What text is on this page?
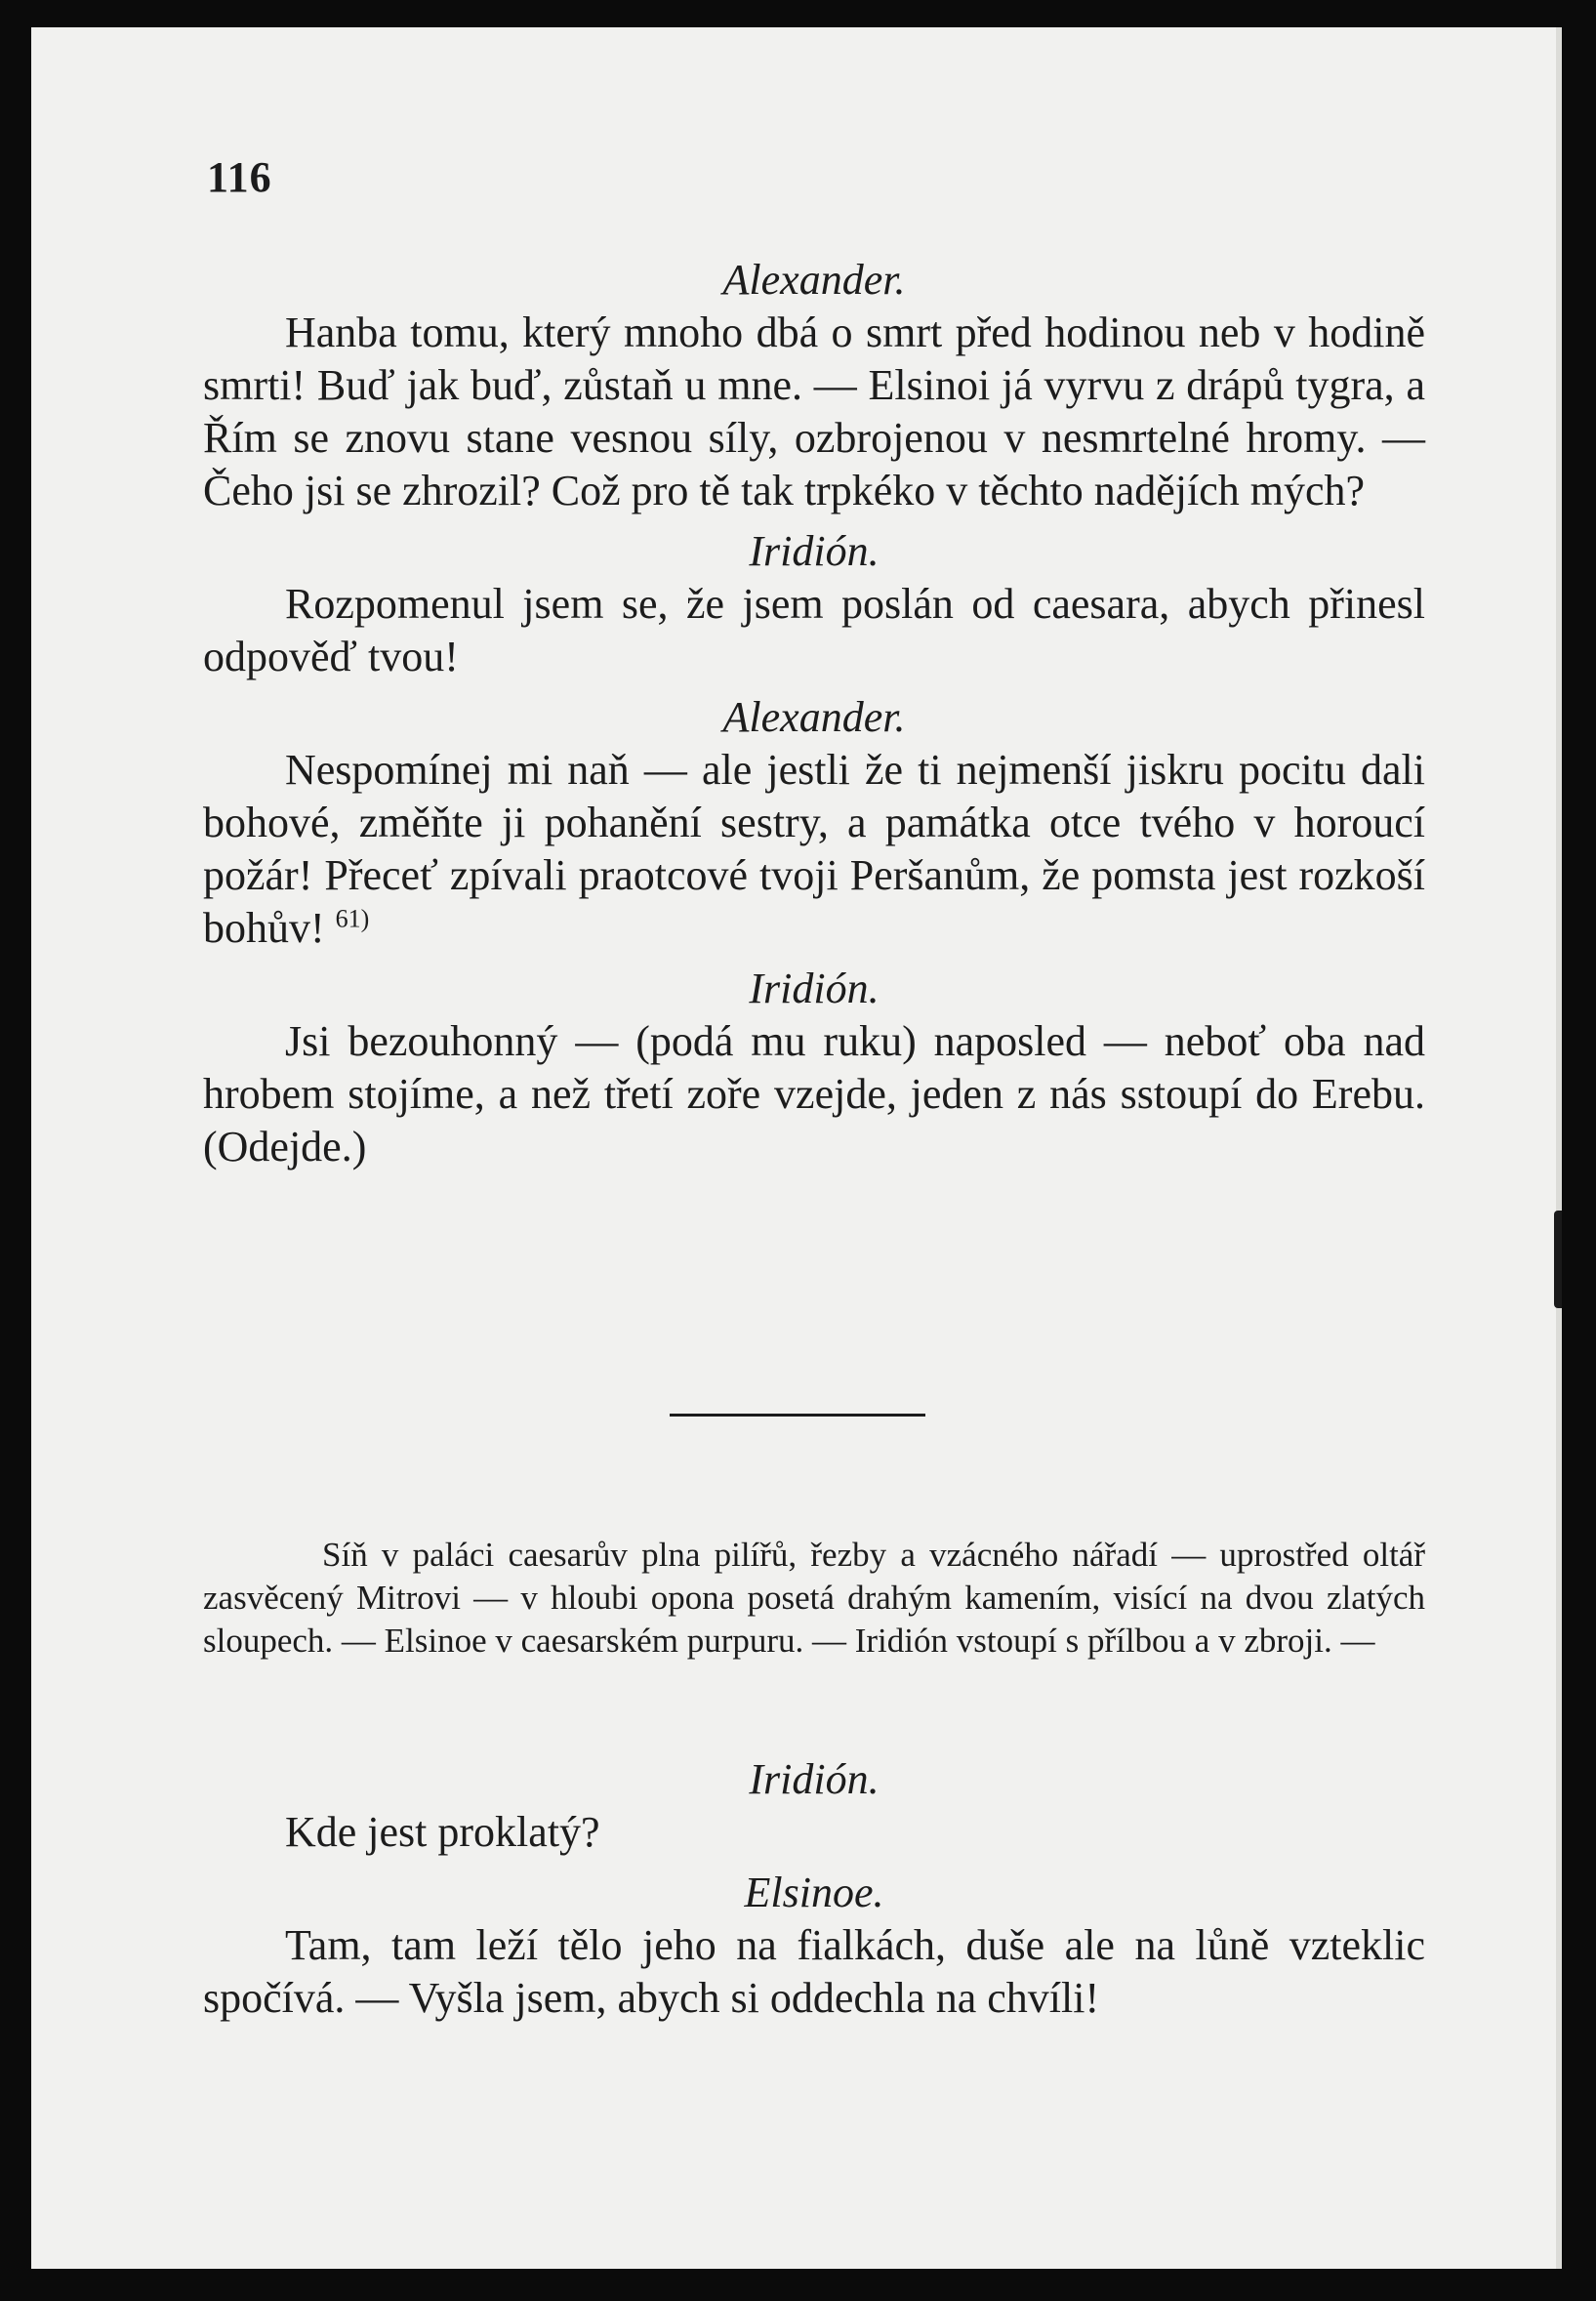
116

Alexander.

Hanba tomu, který mnoho dbá o smrt před hodinou neb v hodině smrti! Buď jak buď, zůstaň u mne. — Elsinoi já vyrvu z drápů tygra, a Řím se znovu stane vesnou síly, ozbrojenou v nesmrtelné hromy. — Čeho jsi se zhrozil? Což pro tě tak trpkéko v těchto nadějích mých?

Iridión.

Rozpomenul jsem se, že jsem poslán od caesara, abych přinesl odpověď tvou!

Alexander.

Nespomínej mi naň — ale jestli že ti nejmenší jiskru pocitu dali bohové, změňte ji pohanění sestry, a památka otce tvého v horoucí požár! Přeceť zpívali praotcové tvoji Peršanům, že pomsta jest rozkoší bohův! $^{61)}$

Iridión.

Jsi bezouhonný — (podá mu ruku) naposled — neboť oba nad hrobem stojíme, a než třetí zoře vzejde, jeden z nás sstoupí do Erebu. (Odejde.)

Síň v paláci caesarův plna pilířů, řezby a vzácného nářadí — uprostřed oltář zasvěcený Mitrovi — v hloubi opona posetá drahým kamením, visící na dvou zlatých sloupech. — Elsinoe v caesarském purpuru. — Iridión vstoupí s přílbou a v zbroji. —

Iridión.

Kde jest proklatý?

Elsinoe.

Tam, tam leží tělo jeho na fialkách, duše ale na lůně vzteklic spočívá. — Vyšla jsem, abych si oddechla na chvíli!
